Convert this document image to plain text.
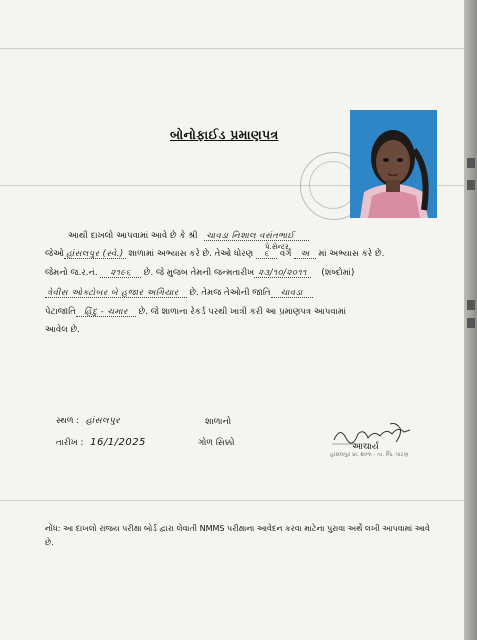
બોનોફાઈડ પ્રમાણપત્ર
આથી દાખલો આપવામાં આવે છે કે શ્રી ચાવડા નિશાલ વસંતભાઈ
પે.સેન્ટર
જેઓ હાંસલપુર (સ્વે.) શાળામાં અભ્યાસ કરે છે. તેઓ ધોરણ ૬ વર્ગ અ માં અભ્યાસ કરે છે.
જેમનો જ.ર.નં. ૨૧૯૬ છે. જે મુજબ તેમની જન્મતારીખ ૨૩/૧૦/૨૦૧૧ (શબ્દોમાં)
ત્રેવીસ ઓક્ટોબર બે હજાર અગિયાર છે. તેમજ તેઓની જાતિ ચાવડા
પેટાજાતિ હિંદુ - ચમાર છે. જે શાળાના રેકર્ડ પરથી ખાત્રી કરી આ પ્રમાણપત્ર આપવામાં
આવેલ છે.
સ્થળ : હાંસલપુર
તારીખ : 16/1/2025
શાળાનો
ગોળ સિક્કો	આચાર્ય
હાંસલપુર પ્રા. શાળા - તા. જિ. પાટણ
નોંધ: આ દાખલો રાજય પરીક્ષા બોર્ડ દ્વારા લેવાતી NMMS પરીક્ષાના આવેદન કરવા માટેના પુરાવા અર્થે લખી આપવામાં આવે છે.
